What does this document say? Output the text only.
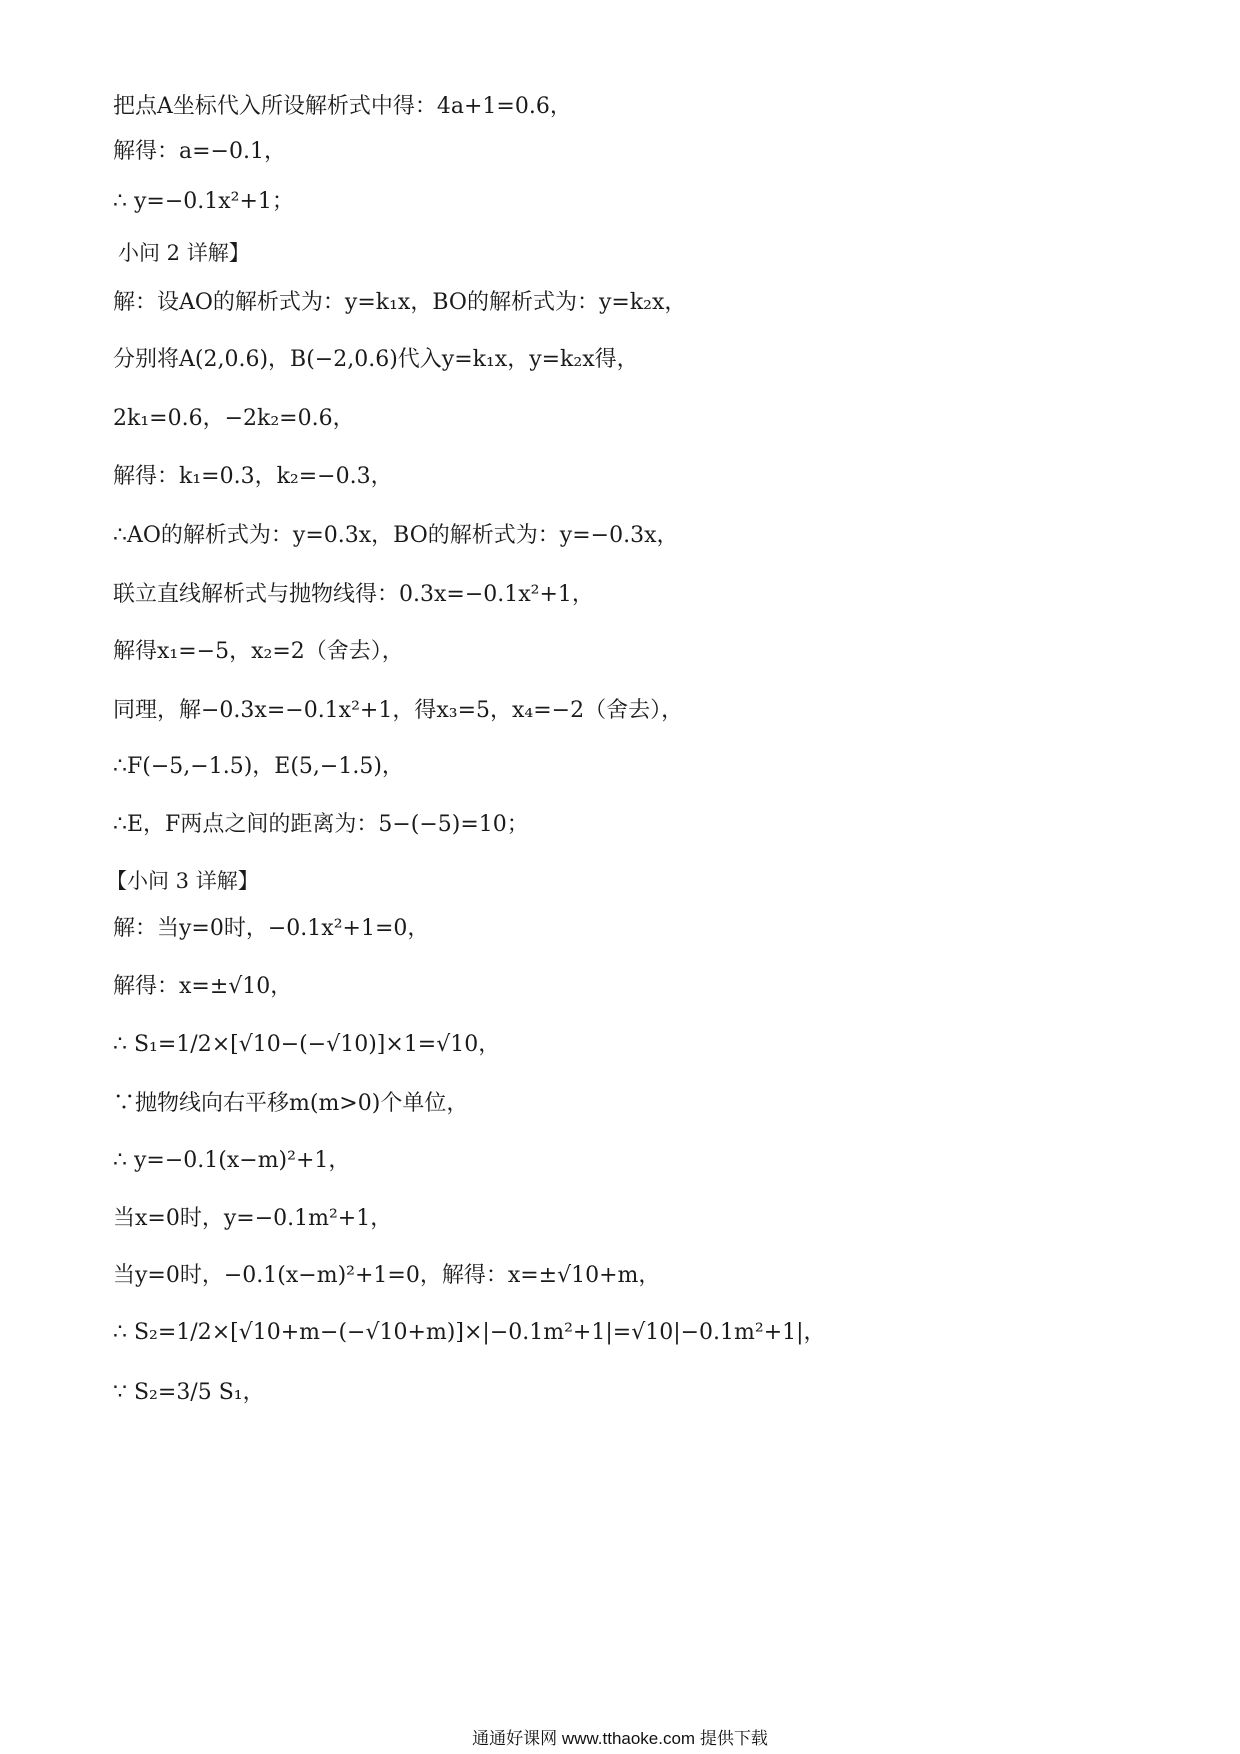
把点A坐标代入所设解析式中得：4a+1=0.6，
解得：a=−0.1，
∴ y=−0.1x²+1；
小问 2 详解】
解：设AO的解析式为：y=k₁x，BO的解析式为：y=k₂x，
分别将A(2,0.6)，B(−2,0.6)代入y=k₁x，y=k₂x得，
2k₁=0.6，−2k₂=0.6，
解得：k₁=0.3，k₂=−0.3，
∴AO的解析式为：y=0.3x，BO的解析式为：y=−0.3x，
联立直线解析式与抛物线得：0.3x=−0.1x²+1，
解得x₁=−5，x₂=2（舍去），
同理，解−0.3x=−0.1x²+1，得x₃=5，x₄=−2（舍去），
∴F(−5,−1.5)，E(5,−1.5)，
∴E，F两点之间的距离为：5−(−5)=10；
【小问 3 详解】
解：当y=0时，−0.1x²+1=0，
解得：x=±√10，
∴ S₁=1/2×[√10−(−√10)]×1=√10，
∵抛物线向右平移m(m>0)个单位，
∴ y=−0.1(x−m)²+1，
当x=0时，y=−0.1m²+1，
当y=0时，−0.1(x−m)²+1=0，解得：x=±√10+m，
∴ S₂=1/2×[√10+m−(−√10+m)]×|−0.1m²+1|=√10|−0.1m²+1|，
∵ S₂=3/5 S₁，
通通好课网 www.tthaoke.com 提供下载
